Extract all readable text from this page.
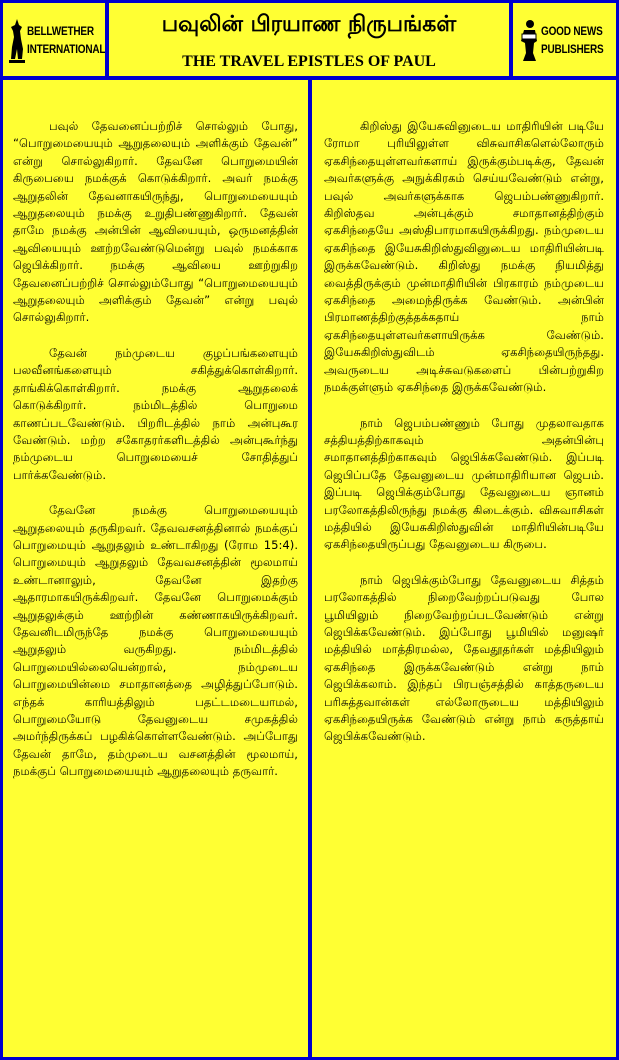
BELLWETHER
INTERNATIONAL
பவுலின் பிரயாண நிருபங்கள்
THE TRAVEL EPISTLES OF PAUL
GOOD NEWS
PUBLISHERS

பவுல் தேவனைப்பற்றிச் சொல்லும் போது, “பொறுமையையும் ஆறுதலையும் அளிக்கும் தேவன்” என்று சொல்லுகிறார். தேவனே பொறுமையின் கிருபையை நமக்குக் கொடுக்கிறார். அவர் நமக்கு ஆறுதலின் தேவனாகயிருந்து, பொறுமையையும் ஆறுதலையும் நமக்கு உறுதிபண்ணுகிறார். தேவன் தாமே நமக்கு அன்பின் ஆவியையும், ஒருமனத்தின் ஆவியையும் ஊற்றவேண்டுமென்று பவுல் நமக்காக ஜெபிக்கிறார். நமக்கு ஆவியை ஊற்றுகிற தேவனைப்பற்றிச் சொல்லும்போது “பொறுமையையும் ஆறுதலையும் அளிக்கும் தேவன்” என்று பவுல் சொல்லுகிறார்.

தேவன் நம்முடைய குழப்பங்களையும் பலவீனங்களையும் சகித்துக்கொள்கிறார். தாங்கிக்கொள்கிறார். நமக்கு ஆறுதலைக் கொடுக்கிறார். நம்மிடத்தில் பொறுமை காணப்படவேண்டும். பிறரிடத்தில் நாம் அன்புகூர வேண்டும். மற்ற சகோதரர்களிடத்தில் அன்புகூர்ந்து நம்முடைய பொறுமையைச் சோதித்துப் பார்க்கவேண்டும்.

தேவனே நமக்கு பொறுமையையும் ஆறுதலையும் தருகிறவர். தேவவசனத்தினால் நமக்குப் பொறுமையும் ஆறுதலும் உண்டாகிறது (ரோம 15:4). பொறுமையும் ஆறுதலும் தேவவசனத்தின் மூலமாய் உண்டானாலும், தேவனே இதற்கு ஆதாரமாகயிருக்கிறவர். தேவனே பொறுமைக்கும் ஆறுதலுக்கும் ஊற்றின் கண்ணாகயிருக்கிறவர். தேவனிடமிருந்தே நமக்கு பொறுமையையும் ஆறுதலும் வருகிறது. நம்மிடத்தில் பொறுமையில்லையென்றால், நம்முடைய பொறுமையின்மை சமாதானத்தை அழித்துப்போடும். எந்தக் காரியத்திலும் பதட்டமடையாமல், பொறுமையோடு தேவனுடைய சமுகத்தில் அமர்ந்திருக்கப் பழகிக்கொள்ளவேண்டும். அப்போது தேவன் தாமே, தம்முடைய வசனத்தின் மூலமாய், நமக்குப் பொறுமையையும் ஆறுதலையும் தருவார்.

கிறிஸ்து இயேசுவினுடைய மாதிரியின் படியே ரோமா புரியிலுள்ள விசுவாசிகளெல்லோரும் ஏகசிந்தையுள்ளவர்களாய் இருக்கும்படிக்கு, தேவன் அவர்களுக்கு அநுக்கிரகம் செய்யவேண்டும் என்று, பவுல் அவர்களுக்காக ஜெபம்பண்ணுகிறார். கிறிஸ்தவ அன்புக்கும் சமாதானத்திற்கும் ஏகசிந்தையே அஸ்திபாரமாகயிருக்கிறது. நம்முடைய ஏகசிந்தை இயேசுகிறிஸ்துவினுடைய மாதிரியின்படி இருக்கவேண்டும். கிறிஸ்து நமக்கு நியமித்து வைத்திருக்கும் முன்மாதிரியின் பிரகாரம் நம்முடைய ஏகசிந்தை அமைந்திருக்க வேண்டும். அன்பின் பிரமாணத்திற்குத்தக்கதாய் நாம் ஏகசிந்தையுள்ளவர்களாயிருக்க வேண்டும். இயேசுகிறிஸ்துவிடம் ஏகசிந்தையிருந்தது. அவருடைய அடிச்சுவடுகளைப் பின்பற்றுகிற நமக்குள்ளும் ஏகசிந்தை இருக்கவேண்டும்.

நாம் ஜெபம்பண்ணும் போது முதலாவதாக சத்தியத்திற்காகவும் அதன்பின்பு சமாதானத்திற்காகவும் ஜெபிக்கவேண்டும். இப்படி ஜெபிப்பதே தேவனுடைய முன்மாதிரியான ஜெபம். இப்படி ஜெபிக்கும்போது தேவனுடைய ஞானம் பரலோகத்திலிருந்து நமக்கு கிடைக்கும். விசுவாசிகள் மத்தியில் இயேசுகிறிஸ்துவின் மாதிரியின்படியே ஏகசிந்தையிருப்பது தேவனுடைய கிருபை.

நாம் ஜெபிக்கும்போது தேவனுடைய சித்தம் பரலோகத்தில் நிறைவேற்றப்படுவது போல பூமியிலும் நிறைவேற்றப்படவேண்டும் என்று ஜெபிக்கவேண்டும். இப்போது பூமியில் மனுஷர் மத்தியில் மாத்திரமல்ல, தேவதூதர்கள் மத்தியிலும் ஏகசிந்தை இருக்கவேண்டும் என்று நாம் ஜெபிக்கலாம். இந்தப் பிரபஞ்சத்தில் காத்தருடைய பரிசுத்தவான்கள் எல்லோருடைய மத்தியிலும் ஏகசிந்தையிருக்க வேண்டும் என்று நாம் கருத்தாய் ஜெபிக்கவேண்டும்.
